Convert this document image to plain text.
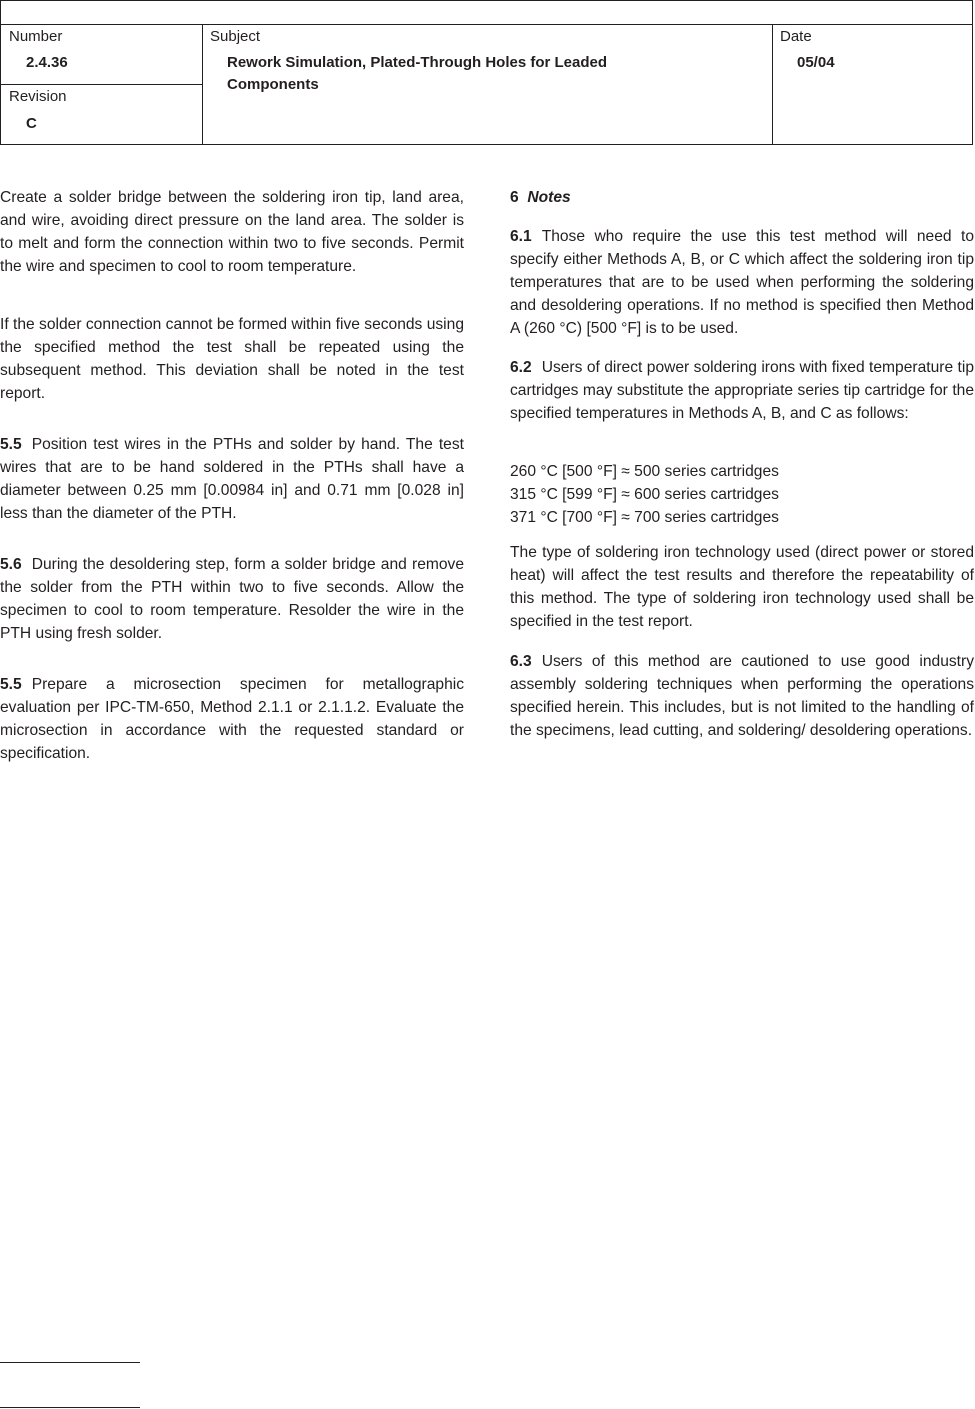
Number
2.4.36
Revision
C
Subject
Rework Simulation, Plated-Through Holes for Leaded Components
Date
05/04

Create a solder bridge between the soldering iron tip, land area, and wire, avoiding direct pressure on the land area. The solder is to melt and form the connection within two to five seconds. Permit the wire and specimen to cool to room temperature.

If the solder connection cannot be formed within five seconds using the specified method the test shall be repeated using the subsequent method. This deviation shall be noted in the test report.

5.5 Position test wires in the PTHs and solder by hand. The test wires that are to be hand soldered in the PTHs shall have a diameter between 0.25 mm [0.00984 in] and 0.71 mm [0.028 in] less than the diameter of the PTH.

5.6 During the desoldering step, form a solder bridge and remove the solder from the PTH within two to five seconds. Allow the specimen to cool to room temperature. Resolder the wire in the PTH using fresh solder.

5.5 Prepare a microsection specimen for metallographic evaluation per IPC-TM-650, Method 2.1.1 or 2.1.1.2. Evaluate the microsection in accordance with the requested standard or specification.

6 Notes

6.1 Those who require the use this test method will need to specify either Methods A, B, or C which affect the soldering iron tip temperatures that are to be used when performing the soldering and desoldering operations. If no method is specified then Method A (260 °C) [500 °F] is to be used.

6.2 Users of direct power soldering irons with fixed temperature tip cartridges may substitute the appropriate series tip cartridge for the specified temperatures in Methods A, B, and C as follows:

260 °C [500 °F] ≈ 500 series cartridges

315 °C [599 °F] ≈ 600 series cartridges

371 °C [700 °F] ≈ 700 series cartridges

The type of soldering iron technology used (direct power or stored heat) will affect the test results and therefore the repeatability of this method. The type of soldering iron technology used shall be specified in the test report.

6.3 Users of this method are cautioned to use good industry assembly soldering techniques when performing the operations specified herein. This includes, but is not limited to the handling of the specimens, lead cutting, and soldering/ desoldering operations.
